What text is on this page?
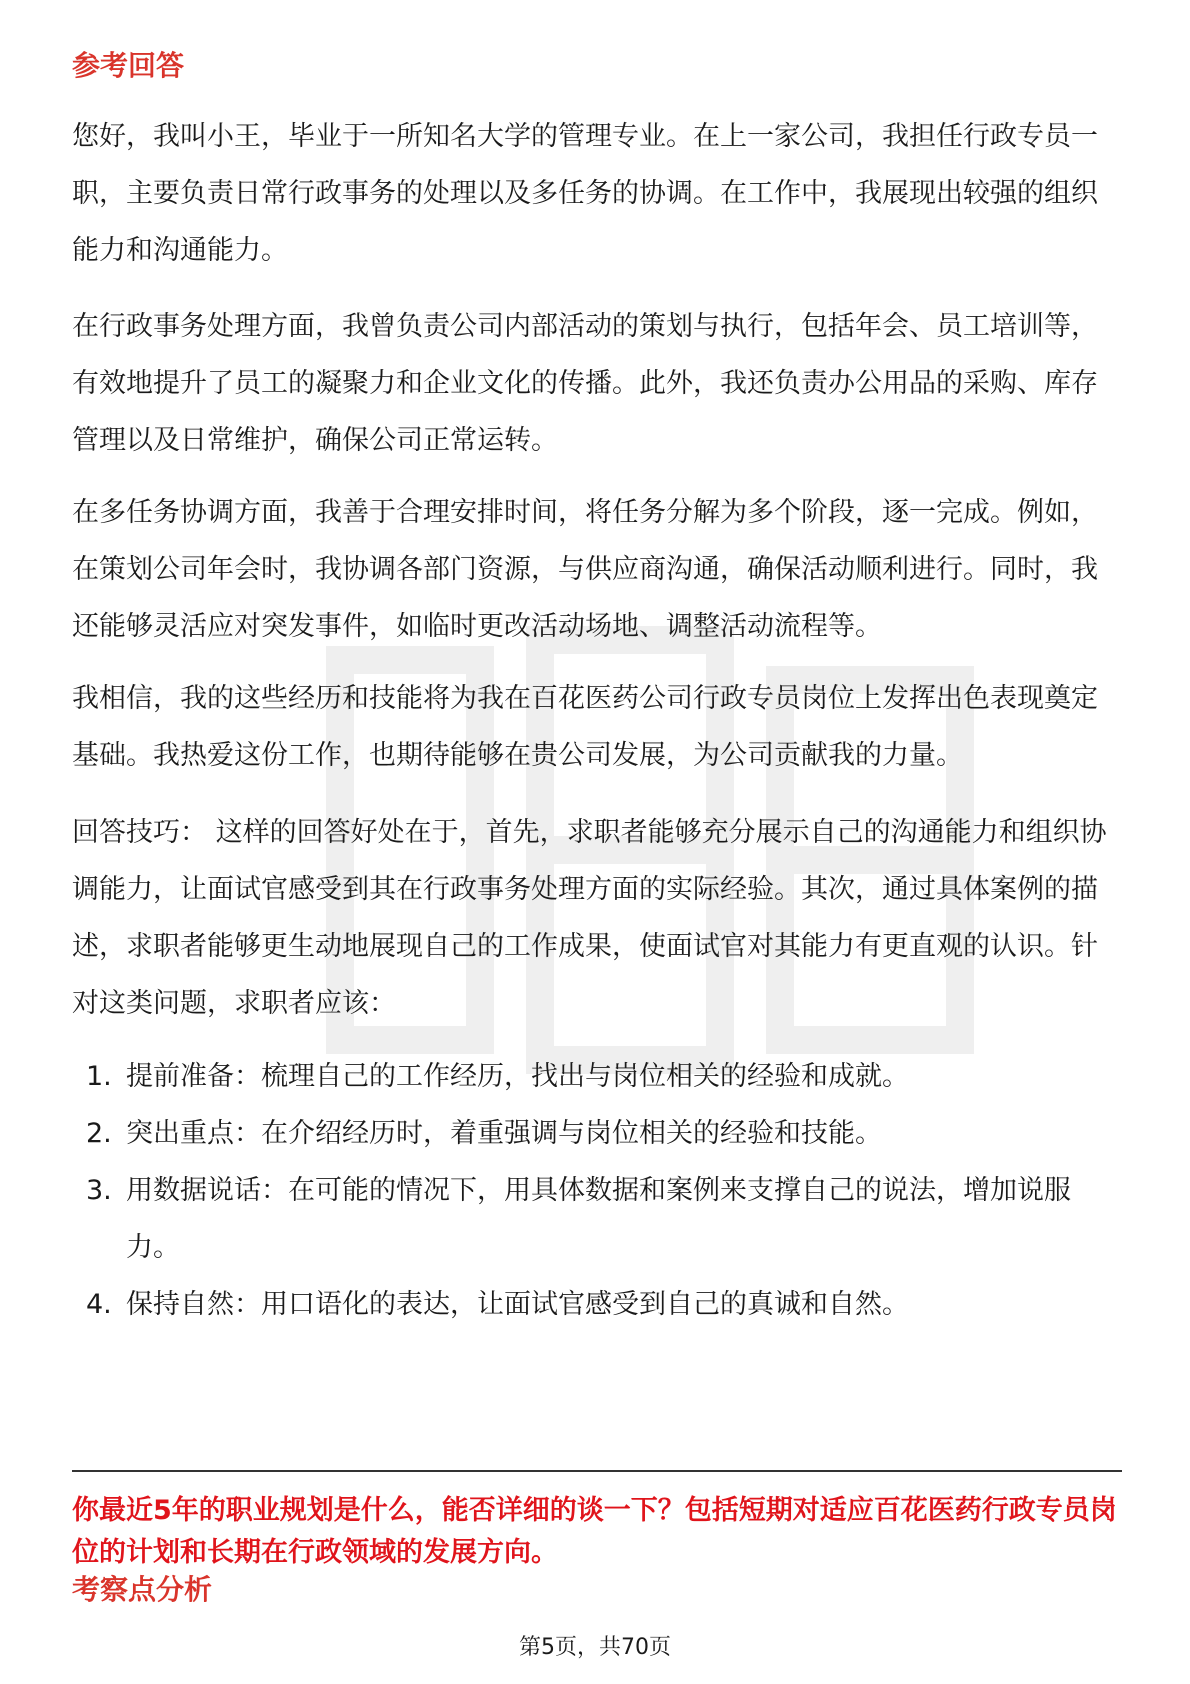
参考回答
您好，我叫小王，毕业于一所知名大学的管理专业。在上一家公司，我担任行政专员一职，主要负责日常行政事务的处理以及多任务的协调。在工作中，我展现出较强的组织能力和沟通能力。
在行政事务处理方面，我曾负责公司内部活动的策划与执行，包括年会、员工培训等，有效地提升了员工的凝聚力和企业文化的传播。此外，我还负责办公用品的采购、库存管理以及日常维护，确保公司正常运转。
在多任务协调方面，我善于合理安排时间，将任务分解为多个阶段，逐一完成。例如，在策划公司年会时，我协调各部门资源，与供应商沟通，确保活动顺利进行。同时，我还能够灵活应对突发事件，如临时更改活动场地、调整活动流程等。
我相信，我的这些经历和技能将为我在百花医药公司行政专员岗位上发挥出色表现奠定基础。我热爱这份工作，也期待能够在贵公司发展，为公司贡献我的力量。
回答技巧： 这样的回答好处在于，首先，求职者能够充分展示自己的沟通能力和组织协调能力，让面试官感受到其在行政事务处理方面的实际经验。其次，通过具体案例的描述，求职者能够更生动地展现自己的工作成果，使面试官对其能力有更直观的认识。针对这类问题，求职者应该：
1. 提前准备：梳理自己的工作经历，找出与岗位相关的经验和成就。
2. 突出重点：在介绍经历时，着重强调与岗位相关的经验和技能。
3. 用数据说话：在可能的情况下，用具体数据和案例来支撑自己的说法，增加说服力。
4. 保持自然：用口语化的表达，让面试官感受到自己的真诚和自然。
你最近5年的职业规划是什么，能否详细的谈一下？包括短期对适应百花医药行政专员岗位的计划和长期在行政领域的发展方向。
考察点分析
第5页，共70页
